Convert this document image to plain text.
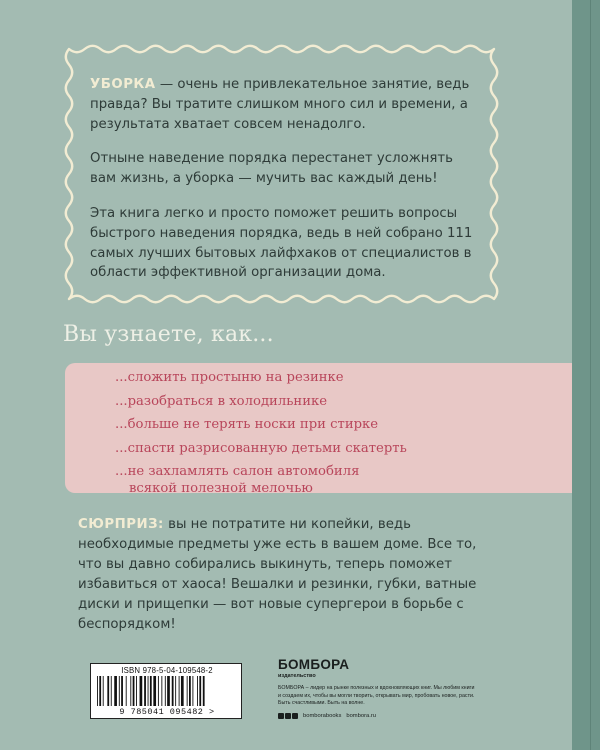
УБОРКА — очень не привлекательное занятие, ведь правда? Вы тратите слишком много сил и времени, а результата хватает совсем ненадолго.

Отныне наведение порядка перестанет усложнять вам жизнь, а уборка — мучить вас каждый день!

Эта книга легко и просто поможет решить вопросы быстрого наведения порядка, ведь в ней собрано 111 самых лучших бытовых лайфхаков от специалистов в области эффективной организации дома.

Вы узнаете, как...
...сложить простыню на резинке
...разобраться в холодильнике
...больше не терять носки при стирке
...спасти разрисованную детьми скатерть
...не захламлять салон автомобиля
всякой полезной мелочью
СЮРПРИЗ: вы не потратите ни копейки, ведь необходимые предметы уже есть в вашем доме. Все то, что вы давно собирались выкинуть, теперь поможет избавиться от хаоса! Вешалки и резинки, губки, ватные диски и прищепки — вот новые супергерои в борьбе с беспорядком!
ISBN 978-5-04-109548-2
9 785041 095482 >
БОМБОРА
издательство
БОМБОРА – лидер на рынке полезных и вдохновляющих книг. Мы любим книги и создаем их, чтобы вы могли творить, открывать мир, пробовать новое, расти. Быть счастливыми. Быть на волне.
bomborabooks bombora.ru
